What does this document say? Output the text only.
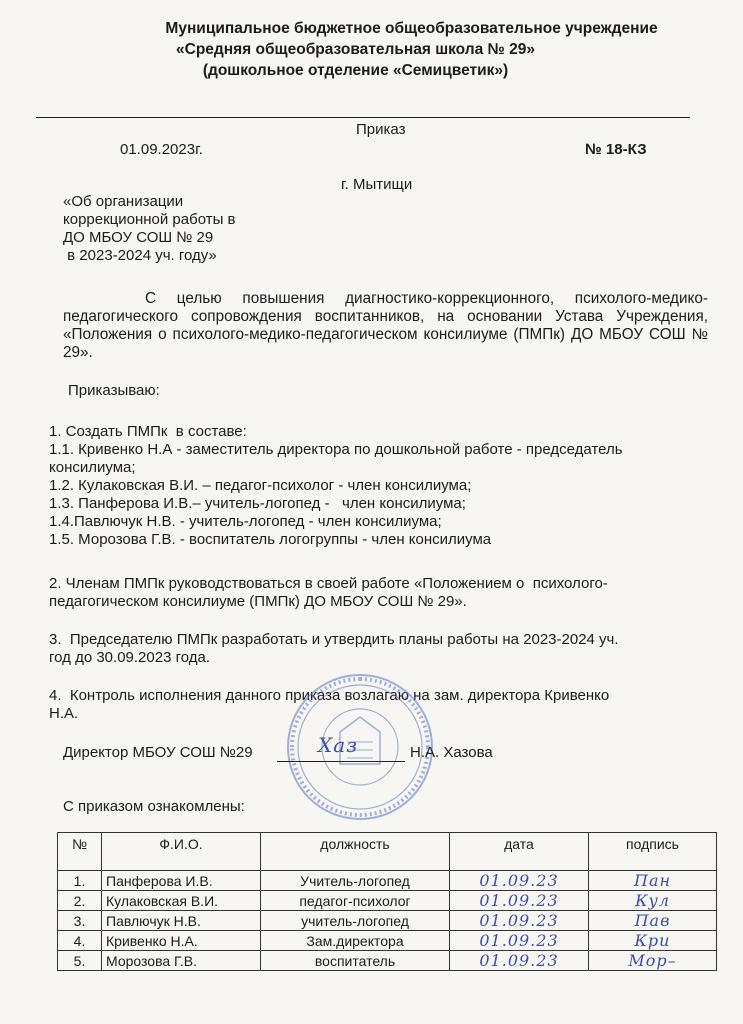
Муниципальное бюджетное общеобразовательное учреждение
«Средняя общеобразовательная школа № 29»
(дошкольное отделение «Семицветик»)
Приказ
01.09.2023г.	№ 18-КЗ
г. Мытищи
«Об организации
коррекционной работы в
ДО МБОУ СОШ № 29
в 2023-2024 уч. году»
С целью повышения диагностико-коррекционного, психолого-медико-педагогического сопровождения воспитанников, на основании Устава Учреждения, «Положения о психолого-медико-педагогическом консилиуме (ПМПк) ДО МБОУ СОШ № 29».
Приказываю:
1. Создать ПМПк  в составе:
1.1. Кривенко Н.А - заместитель директора по дошкольной работе - председатель
консилиума;
1.2. Кулаковская В.И. – педагог-психолог - член консилиума;
1.3. Панферова И.В.– учитель-логопед -   член консилиума;
1.4.Павлючук Н.В. - учитель-логопед - член консилиума;
1.5. Морозова Г.В. - воспитатель логогруппы - член консилиума
2. Членам ПМПк руководствоваться в своей работе «Положением о  психолого-
педагогическом консилиуме (ПМПк) ДО МБОУ СОШ № 29».
3.  Председателю ПМПк разработать и утвердить планы работы на 2023-2024 уч.
год до 30.09.2023 года.
4.  Контроль исполнения данного приказа возлагаю на зам. директора Кривенко
Н.А.
Директор МБОУ СОШ №29	Хаз	Н.А. Хазова
С приказом ознакомлены:
№	Ф.И.О.	должность	дата	подпись
1.	Панферова И.В.	Учитель-логопед	01.09.23	Пан
2.	Кулаковская В.И.	педагог-психолог	01.09.23	Кул
3.	Павлючук Н.В.	учитель-логопед	01.09.23	Пав
4.	Кривенко Н.А.	Зам.директора	01.09.23	Кри
5.	Морозова Г.В.	воспитатель	01.09.23	Мор–
